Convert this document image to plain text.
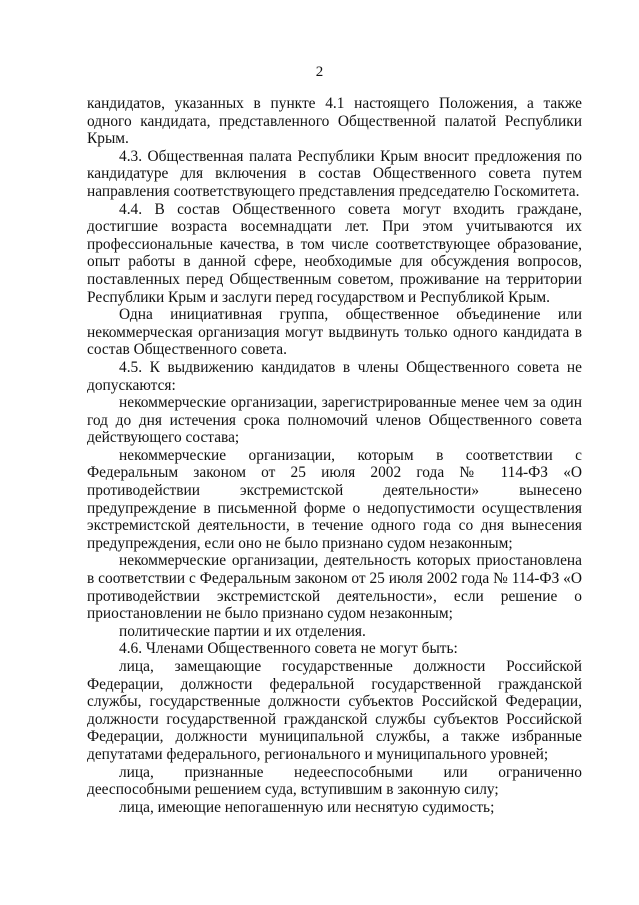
2

кандидатов, указанных в пункте 4.1 настоящего Положения, а также одного кандидата, представленного Общественной палатой Республики Крым.

4.3. Общественная палата Республики Крым вносит предложения по кандидатуре для включения в состав Общественного совета путем направления соответствующего представления председателю Госкомитета.

4.4. В состав Общественного совета могут входить граждане, достигшие возраста восемнадцати лет. При этом учитываются их профессиональные качества, в том числе соответствующее образование, опыт работы в данной сфере, необходимые для обсуждения вопросов, поставленных перед Общественным советом, проживание на территории Республики Крым и заслуги перед государством и Республикой Крым.

Одна инициативная группа, общественное объединение или некоммерческая организация могут выдвинуть только одного кандидата в состав Общественного совета.

4.5. К выдвижению кандидатов в члены Общественного совета не допускаются:

некоммерческие организации, зарегистрированные менее чем за один год до дня истечения срока полномочий членов Общественного совета действующего состава;

некоммерческие организации, которым в соответствии с Федеральным законом от 25 июля 2002 года № 114-ФЗ «О противодействии экстремистской деятельности» вынесено предупреждение в письменной форме о недопустимости осуществления экстремистской деятельности, в течение одного года со дня вынесения предупреждения, если оно не было признано судом незаконным;

некоммерческие организации, деятельность которых приостановлена в соответствии с Федеральным законом от 25 июля 2002 года № 114-ФЗ «О противодействии экстремистской деятельности», если решение о приостановлении не было признано судом незаконным;

политические партии и их отделения.

4.6. Членами Общественного совета не могут быть:

лица, замещающие государственные должности Российской Федерации, должности федеральной государственной гражданской службы, государственные должности субъектов Российской Федерации, должности государственной гражданской службы субъектов Российской Федерации, должности муниципальной службы, а также избранные депутатами федерального, регионального и муниципального уровней;

лица, признанные недееспособными или ограниченно дееспособными решением суда, вступившим в законную силу;

лица, имеющие непогашенную или неснятую судимость;
